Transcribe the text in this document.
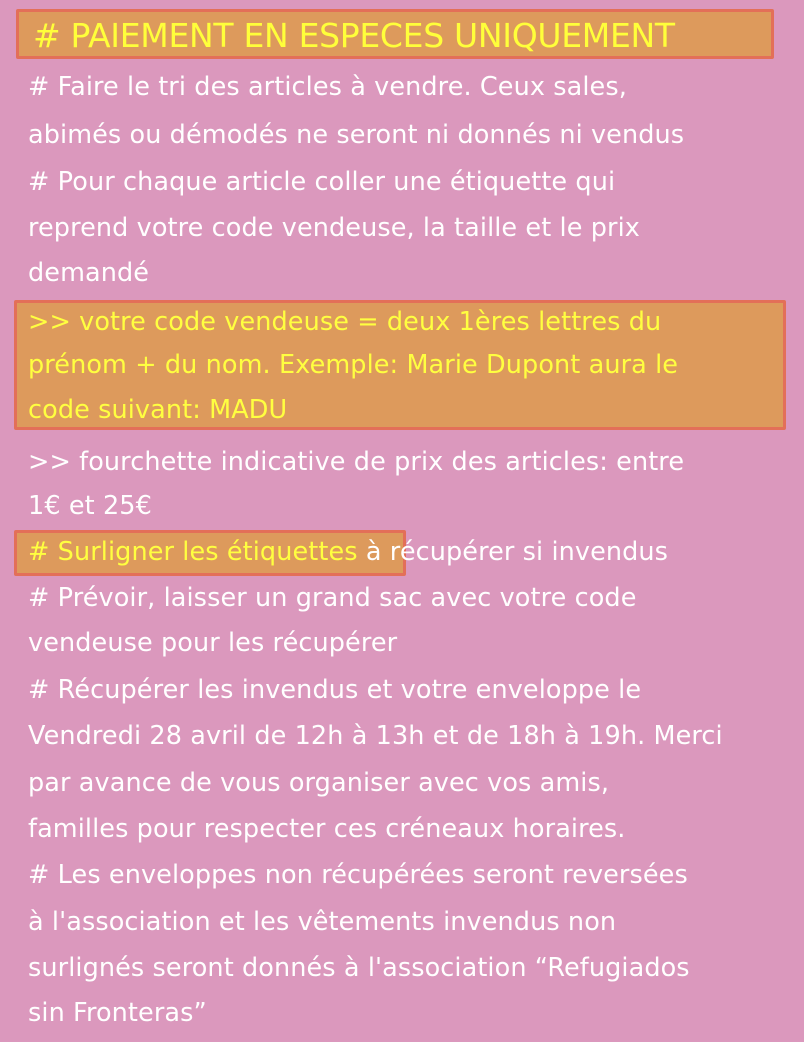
# PAIEMENT EN ESPECES UNIQUEMENT
# Faire le tri des articles à vendre. Ceux sales,
abimés ou démodés ne seront ni donnés ni vendus
# Pour chaque article coller une étiquette qui
reprend votre code vendeuse, la taille et le prix
demandé
>> votre code vendeuse = deux 1ères lettres du
prénom + du nom. Exemple: Marie Dupont aura le
code suivant: MADU
>> fourchette indicative de prix des articles: entre
1€ et 25€
# Surligner les étiquettes à récupérer si invendus
# Prévoir, laisser un grand sac avec votre code
vendeuse pour les récupérer
# Récupérer les invendus et votre enveloppe le
Vendredi 28 avril de 12h à 13h et de 18h à 19h. Merci
par avance de vous organiser avec vos amis,
familles pour respecter ces créneaux horaires.
# Les enveloppes non récupérées seront reversées
à l'association et les vêtements invendus non
surlignés seront donnés à l'association “Refugiados
sin Fronteras”
